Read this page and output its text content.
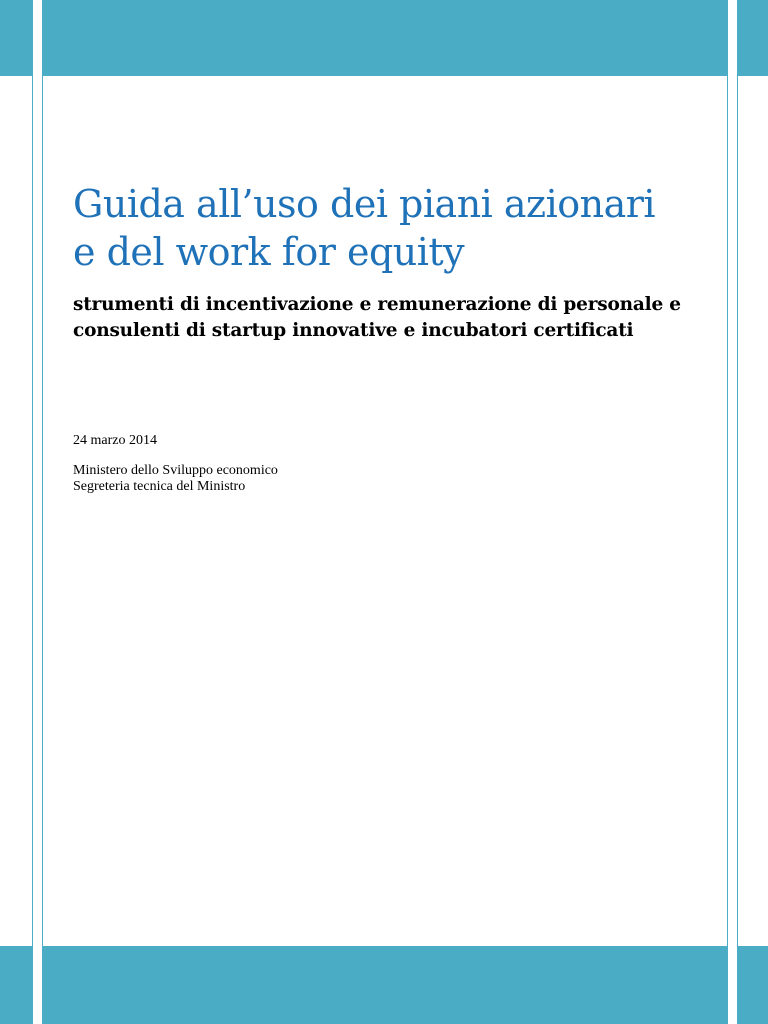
Guida all’uso dei piani azionari
e del work for equity

strumenti di incentivazione e remunerazione di personale e
consulenti di startup innovative e incubatori certificati

24 marzo 2014

Ministero dello Sviluppo economico
Segreteria tecnica del Ministro
